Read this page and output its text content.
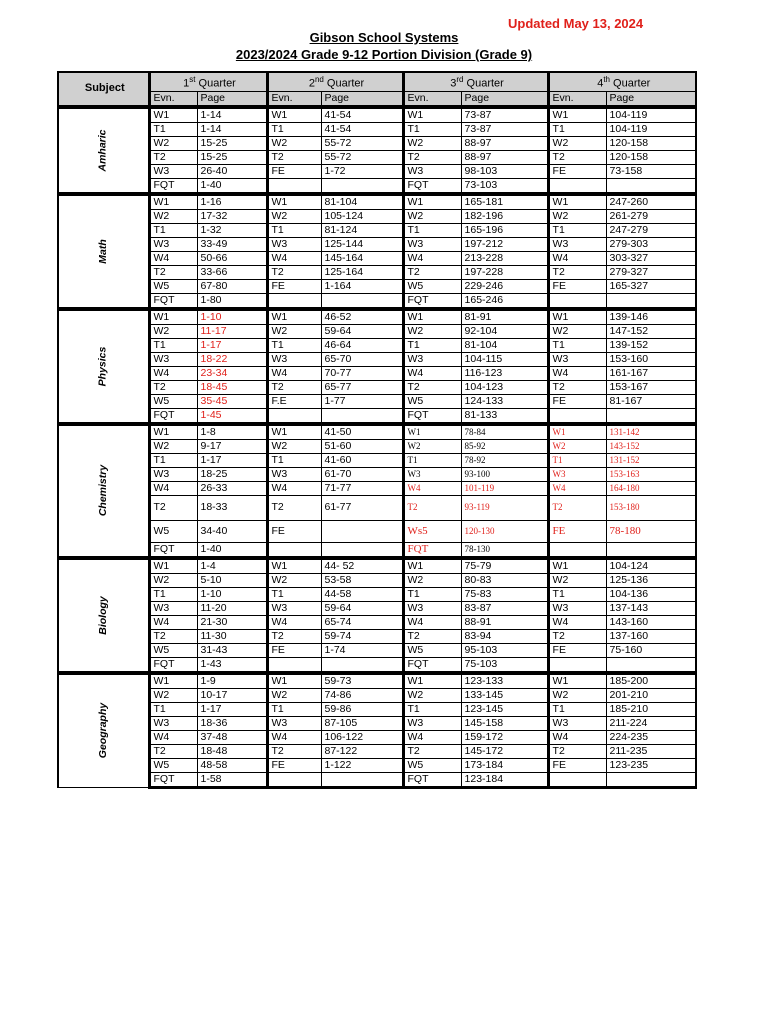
Updated May 13, 2024
Gibson School Systems
2023/2024 Grade 9-12 Portion Division (Grade 9)
Subject	1st Quarter		2nd Quarter		3rd Quarter		4th Quarter	
	Evn.	Page	Evn.	Page	Evn.	Page	Evn.	Page
Amharic	W1	1-14	W1	41-54	W1	73-87	W1	104-119
	T1	1-14	T1	41-54	T1	73-87	T1	104-119
	W2	15-25	W2	55-72	W2	88-97	W2	120-158
	T2	15-25	T2	55-72	T2	88-97	T2	120-158
	W3	26-40	FE	1-72	W3	98-103	FE	73-158
	FQT	1-40			FQT	73-103		
Math	W1	1-16	W1	81-104	W1	165-181	W1	247-260
	W2	17-32	W2	105-124	W2	182-196	W2	261-279
	T1	1-32	T1	81-124	T1	165-196	T1	247-279
	W3	33-49	W3	125-144	W3	197-212	W3	279-303
	W4	50-66	W4	145-164	W4	213-228	W4	303-327
	T2	33-66	T2	125-164	T2	197-228	T2	279-327
	W5	67-80	FE	1-164	W5	229-246	FE	165-327
	FQT	1-80			FQT	165-246		
Physics	W1	1-10	W1	46-52	W1	81-91	W1	139-146
	W2	11-17	W2	59-64	W2	92-104	W2	147-152
	T1	1-17	T1	46-64	T1	81-104	T1	139-152
	W3	18-22	W3	65-70	W3	104-115	W3	153-160
	W4	23-34	W4	70-77	W4	116-123	W4	161-167
	T2	18-45	T2	65-77	T2	104-123	T2	153-167
	W5	35-45	F.E	1-77	W5	124-133	FE	81-167
	FQT	1-45			FQT	81-133		
Chemistry	W1	1-8	W1	41-50	W1	78-84	W1	131-142
	W2	9-17	W2	51-60	W2	85-92	W2	143-152
	T1	1-17	T1	41-60	T1	78-92	T1	131-152
	W3	18-25	W3	61-70	W3	93-100	W3	153-163
	W4	26-33	W4	71-77	W4	101-119	W4	164-180
	T2	18-33	T2	61-77	T2	93-119	T2	153-180
	W5	34-40	FE		Ws5	120-130	FE	78-180
	FQT	1-40			FQT	78-130		
Biology	W1	1-4	W1	44- 52	W1	75-79	W1	104-124
	W2	5-10	W2	53-58	W2	80-83	W2	125-136
	T1	1-10	T1	44-58	T1	75-83	T1	104-136
	W3	11-20	W3	59-64	W3	83-87	W3	137-143
	W4	21-30	W4	65-74	W4	88-91	W4	143-160
	T2	11-30	T2	59-74	T2	83-94	T2	137-160
	W5	31-43	FE	1-74	W5	95-103	FE	75-160
	FQT	1-43			FQT	75-103		
Geography	W1	1-9	W1	59-73	W1	123-133	W1	185-200
	W2	10-17	W2	74-86	W2	133-145	W2	201-210
	T1	1-17	T1	59-86	T1	123-145	T1	185-210
	W3	18-36	W3	87-105	W3	145-158	W3	211-224
	W4	37-48	W4	106-122	W4	159-172	W4	224-235
	T2	18-48	T2	87-122	T2	145-172	T2	211-235
	W5	48-58	FE	1-122	W5	173-184	FE	123-235
	FQT	1-58			FQT	123-184		
